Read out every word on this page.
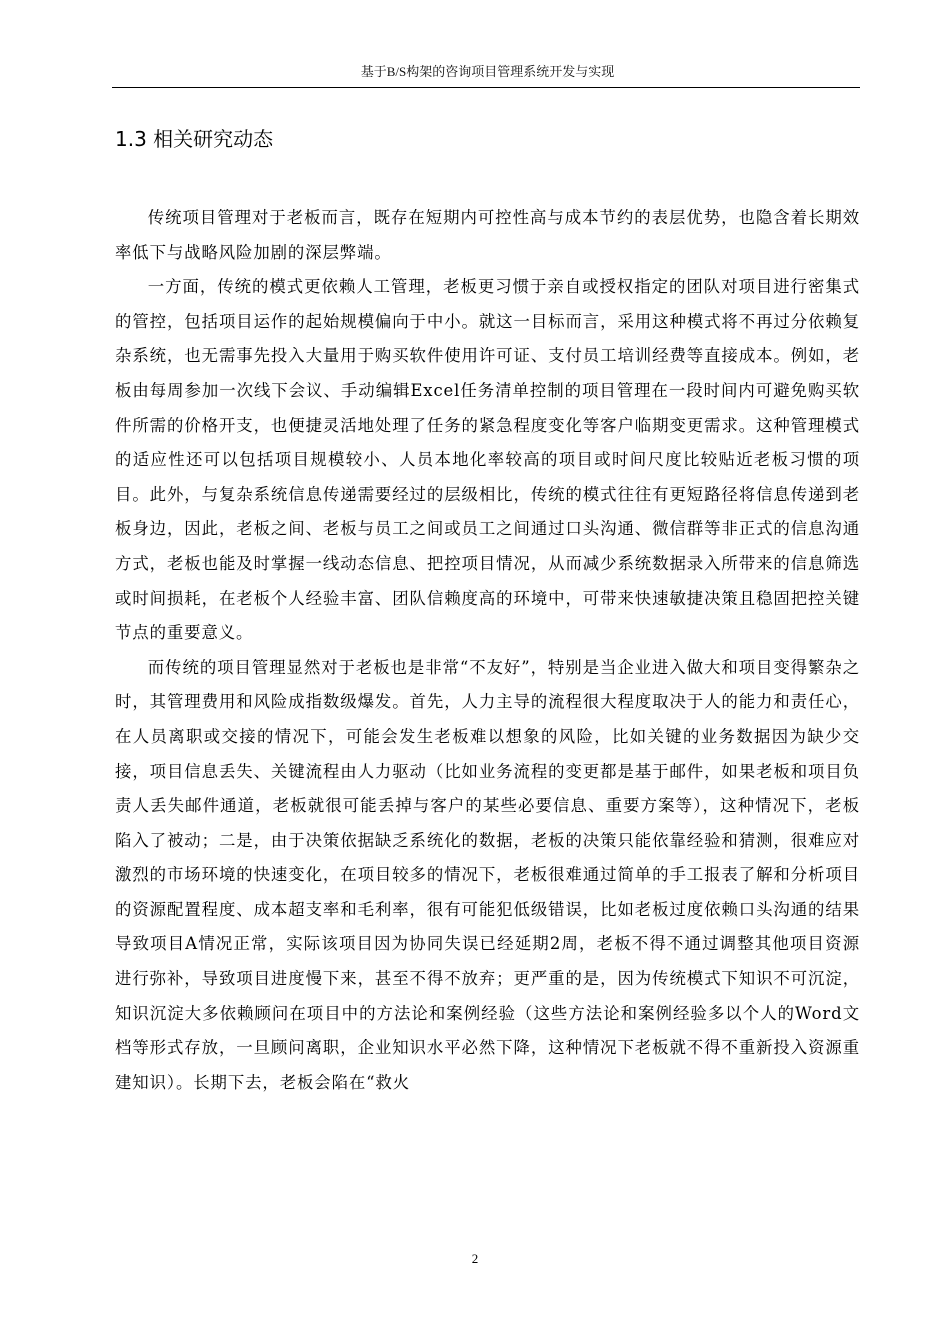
基于B/S构架的咨询项目管理系统开发与实现
1.3 相关研究动态

传统项目管理对于老板而言，既存在短期内可控性高与成本节约的表层优势，也隐含着长期效率低下与战略风险加剧的深层弊端。

一方面，传统的模式更依赖人工管理，老板更习惯于亲自或授权指定的团队对项目进行密集式的管控，包括项目运作的起始规模偏向于中小。就这一目标而言，采用这种模式将不再过分依赖复杂系统，也无需事先投入大量用于购买软件使用许可证、支付员工培训经费等直接成本。例如，老板由每周参加一次线下会议、手动编辑Excel任务清单控制的项目管理在一段时间内可避免购买软件所需的价格开支，也便捷灵活地处理了任务的紧急程度变化等客户临期变更需求。这种管理模式的适应性还可以包括项目规模较小、人员本地化率较高的项目或时间尺度比较贴近老板习惯的项目。此外，与复杂系统信息传递需要经过的层级相比，传统的模式往往有更短路径将信息传递到老板身边，因此，老板之间、老板与员工之间或员工之间通过口头沟通、微信群等非正式的信息沟通方式，老板也能及时掌握一线动态信息、把控项目情况，从而减少系统数据录入所带来的信息筛选或时间损耗，在老板个人经验丰富、团队信赖度高的环境中，可带来快速敏捷决策且稳固把控关键节点的重要意义。

而传统的项目管理显然对于老板也是非常“不友好”，特别是当企业进入做大和项目变得繁杂之时，其管理费用和风险成指数级爆发。首先，人力主导的流程很大程度取决于人的能力和责任心，在人员离职或交接的情况下，可能会发生老板难以想象的风险，比如关键的业务数据因为缺少交接，项目信息丢失、关键流程由人力驱动（比如业务流程的变更都是基于邮件，如果老板和项目负责人丢失邮件通道，老板就很可能丢掉与客户的某些必要信息、重要方案等），这种情况下，老板陷入了被动；二是，由于决策依据缺乏系统化的数据，老板的决策只能依靠经验和猜测，很难应对激烈的市场环境的快速变化，在项目较多的情况下，老板很难通过简单的手工报表了解和分析项目的资源配置程度、成本超支率和毛利率，很有可能犯低级错误，比如老板过度依赖口头沟通的结果导致项目A情况正常，实际该项目因为协同失误已经延期2周，老板不得不通过调整其他项目资源进行弥补，导致项目进度慢下来，甚至不得不放弃；更严重的是，因为传统模式下知识不可沉淀，知识沉淀大多依赖顾问在项目中的方法论和案例经验（这些方法论和案例经验多以个人的Word文档等形式存放，一旦顾问离职，企业知识水平必然下降，这种情况下老板就不得不重新投入资源重建知识）。长期下去，老板会陷在“救火

2
